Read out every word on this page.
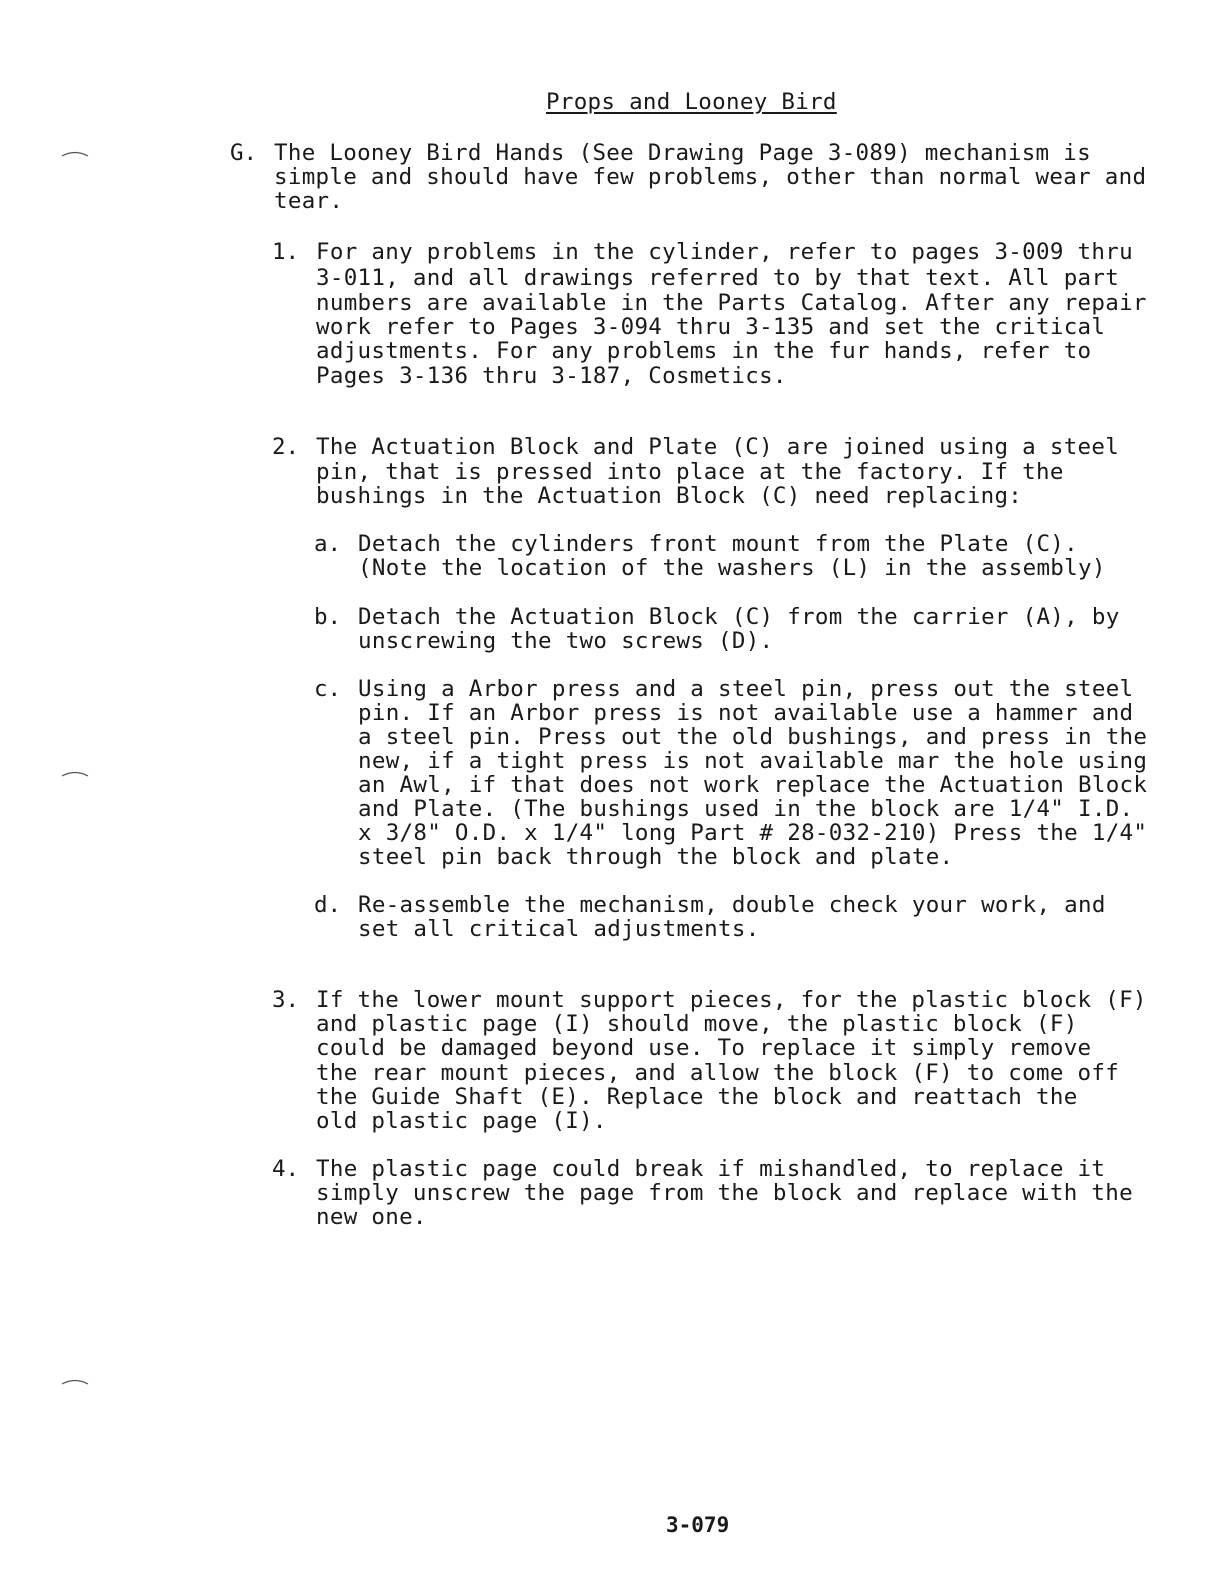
Props and Looney Bird
G. The Looney Bird Hands (See Drawing Page 3-089) mechanism is
simple and should have few problems, other than normal wear and
tear.
1. For any problems in the cylinder, refer to pages 3-009 thru
3-011, and all drawings referred to by that text. All part
numbers are available in the Parts Catalog. After any repair
work refer to Pages 3-094 thru 3-135 and set the critical
adjustments. For any problems in the fur hands, refer to
Pages 3-136 thru 3-187, Cosmetics.
2. The Actuation Block and Plate (C) are joined using a steel
pin, that is pressed into place at the factory. If the
bushings in the Actuation Block (C) need replacing:
a. Detach the cylinders front mount from the Plate (C).
(Note the location of the washers (L) in the assembly)
b. Detach the Actuation Block (C) from the carrier (A), by
unscrewing the two screws (D).
c. Using a Arbor press and a steel pin, press out the steel
pin. If an Arbor press is not available use a hammer and
a steel pin. Press out the old bushings, and press in the
new, if a tight press is not available mar the hole using
an Awl, if that does not work replace the Actuation Block
and Plate. (The bushings used in the block are 1/4" I.D.
x 3/8" O.D. x 1/4" long Part # 28-032-210) Press the 1/4"
steel pin back through the block and plate.
d. Re-assemble the mechanism, double check your work, and
set all critical adjustments.
3. If the lower mount support pieces, for the plastic block (F)
and plastic page (I) should move, the plastic block (F)
could be damaged beyond use. To replace it simply remove
the rear mount pieces, and allow the block (F) to come off
the Guide Shaft (E). Replace the block and reattach the
old plastic page (I).
4. The plastic page could break if mishandled, to replace it
simply unscrew the page from the block and replace with the
new one.
3-079
